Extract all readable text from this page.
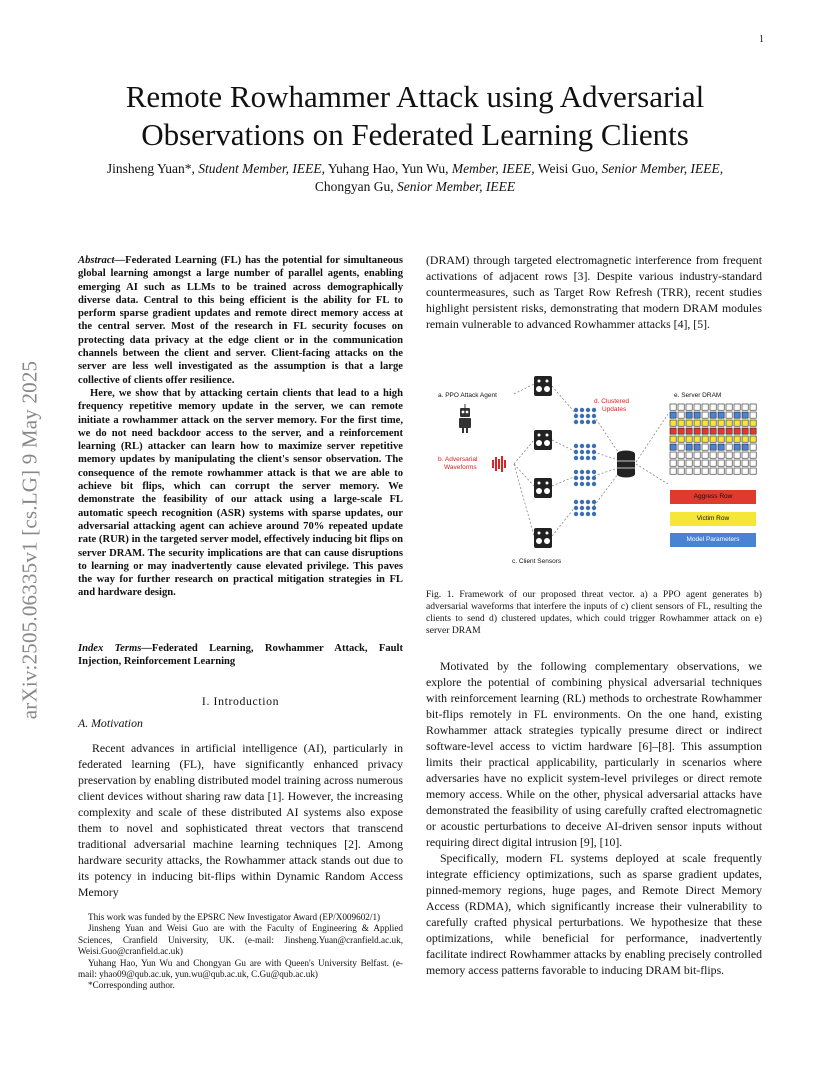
1
arXiv:2505.06335v1 [cs.LG] 9 May 2025
Remote Rowhammer Attack using Adversarial Observations on Federated Learning Clients
Jinsheng Yuan*, Student Member, IEEE, Yuhang Hao, Yun Wu, Member, IEEE, Weisi Guo, Senior Member, IEEE, Chongyan Gu, Senior Member, IEEE

Abstract—Federated Learning (FL) has the potential for simultaneous global learning amongst a large number of parallel agents, enabling emerging AI such as LLMs to be trained across demographically diverse data. Central to this being efficient is the ability for FL to perform sparse gradient updates and remote direct memory access at the central server. Most of the research in FL security focuses on protecting data privacy at the edge client or in the communication channels between the client and server. Client-facing attacks on the server are less well investigated as the assumption is that a large collective of clients offer resilience.

Here, we show that by attacking certain clients that lead to a high frequency repetitive memory update in the server, we can remote initiate a rowhammer attack on the server memory. For the first time, we do not need backdoor access to the server, and a reinforcement learning (RL) attacker can learn how to maximize server repetitive memory updates by manipulating the client's sensor observation. The consequence of the remote rowhammer attack is that we are able to achieve bit flips, which can corrupt the server memory. We demonstrate the feasibility of our attack using a large-scale FL automatic speech recognition (ASR) systems with sparse updates, our adversarial attacking agent can achieve around 70% repeated update rate (RUR) in the targeted server model, effectively inducing bit flips on server DRAM. The security implications are that can cause disruptions to learning or may inadvertently cause elevated privilege. This paves the way for further research on practical mitigation strategies in FL and hardware design.

Index Terms—Federated Learning, Rowhammer Attack, Fault Injection, Reinforcement Learning
I. Introduction
A. Motivation

Recent advances in artificial intelligence (AI), particularly in federated learning (FL), have significantly enhanced privacy preservation by enabling distributed model training across numerous client devices without sharing raw data [1]. However, the increasing complexity and scale of these distributed AI systems also expose them to novel and sophisticated threat vectors that transcend traditional adversarial machine learning techniques [2]. Among hardware security attacks, the Rowhammer attack stands out due to its potency in inducing bit-flips within Dynamic Random Access Memory

This work was funded by the EPSRC New Investigator Award (EP/X009602/1)

Jinsheng Yuan and Weisi Guo are with the Faculty of Engineering & Applied Sciences, Cranfield University, UK. (e-mail: Jinsheng.Yuan@cranfield.ac.uk, Weisi.Guo@cranfield.ac.uk)

Yuhang Hao, Yun Wu and Chongyan Gu are with Queen's University Belfast. (e-mail: yhao09@qub.ac.uk, yun.wu@qub.ac.uk, C.Gu@qub.ac.uk)

*Corresponding author.

(DRAM) through targeted electromagnetic interference from frequent activations of adjacent rows [3]. Despite various industry-standard countermeasures, such as Target Row Refresh (TRR), recent studies highlight persistent risks, demonstrating that modern DRAM modules remain vulnerable to advanced Rowhammer attacks [4], [5].

a. PPO Attack Agent
b. Adversarial
Waveforms
c. Client Sensors
d. Clustered
Updates
e. Server DRAM
Aggress Row
Victim Row
Model Parameters

Fig. 1. Framework of our proposed threat vector. a) a PPO agent generates b) adversarial waveforms that interfere the inputs of c) client sensors of FL, resulting the clients to send d) clustered updates, which could trigger Rowhammer attack on e) server DRAM

Motivated by the following complementary observations, we explore the potential of combining physical adversarial techniques with reinforcement learning (RL) methods to orchestrate Rowhammer bit-flips remotely in FL environments. On the one hand, existing Rowhammer attack strategies typically presume direct or indirect software-level access to victim hardware [6]–[8]. This assumption limits their practical applicability, particularly in scenarios where adversaries have no explicit system-level privileges or direct remote memory access. While on the other, physical adversarial attacks have demonstrated the feasibility of using carefully crafted electromagnetic or acoustic perturbations to deceive AI-driven sensor inputs without requiring direct digital intrusion [9], [10].

Specifically, modern FL systems deployed at scale frequently integrate efficiency optimizations, such as sparse gradient updates, pinned-memory regions, huge pages, and Remote Direct Memory Access (RDMA), which significantly increase their vulnerability to carefully crafted physical perturbations. We hypothesize that these optimizations, while beneficial for performance, inadvertently facilitate indirect Rowhammer attacks by enabling precisely controlled memory access patterns favorable to inducing DRAM bit-flips.
